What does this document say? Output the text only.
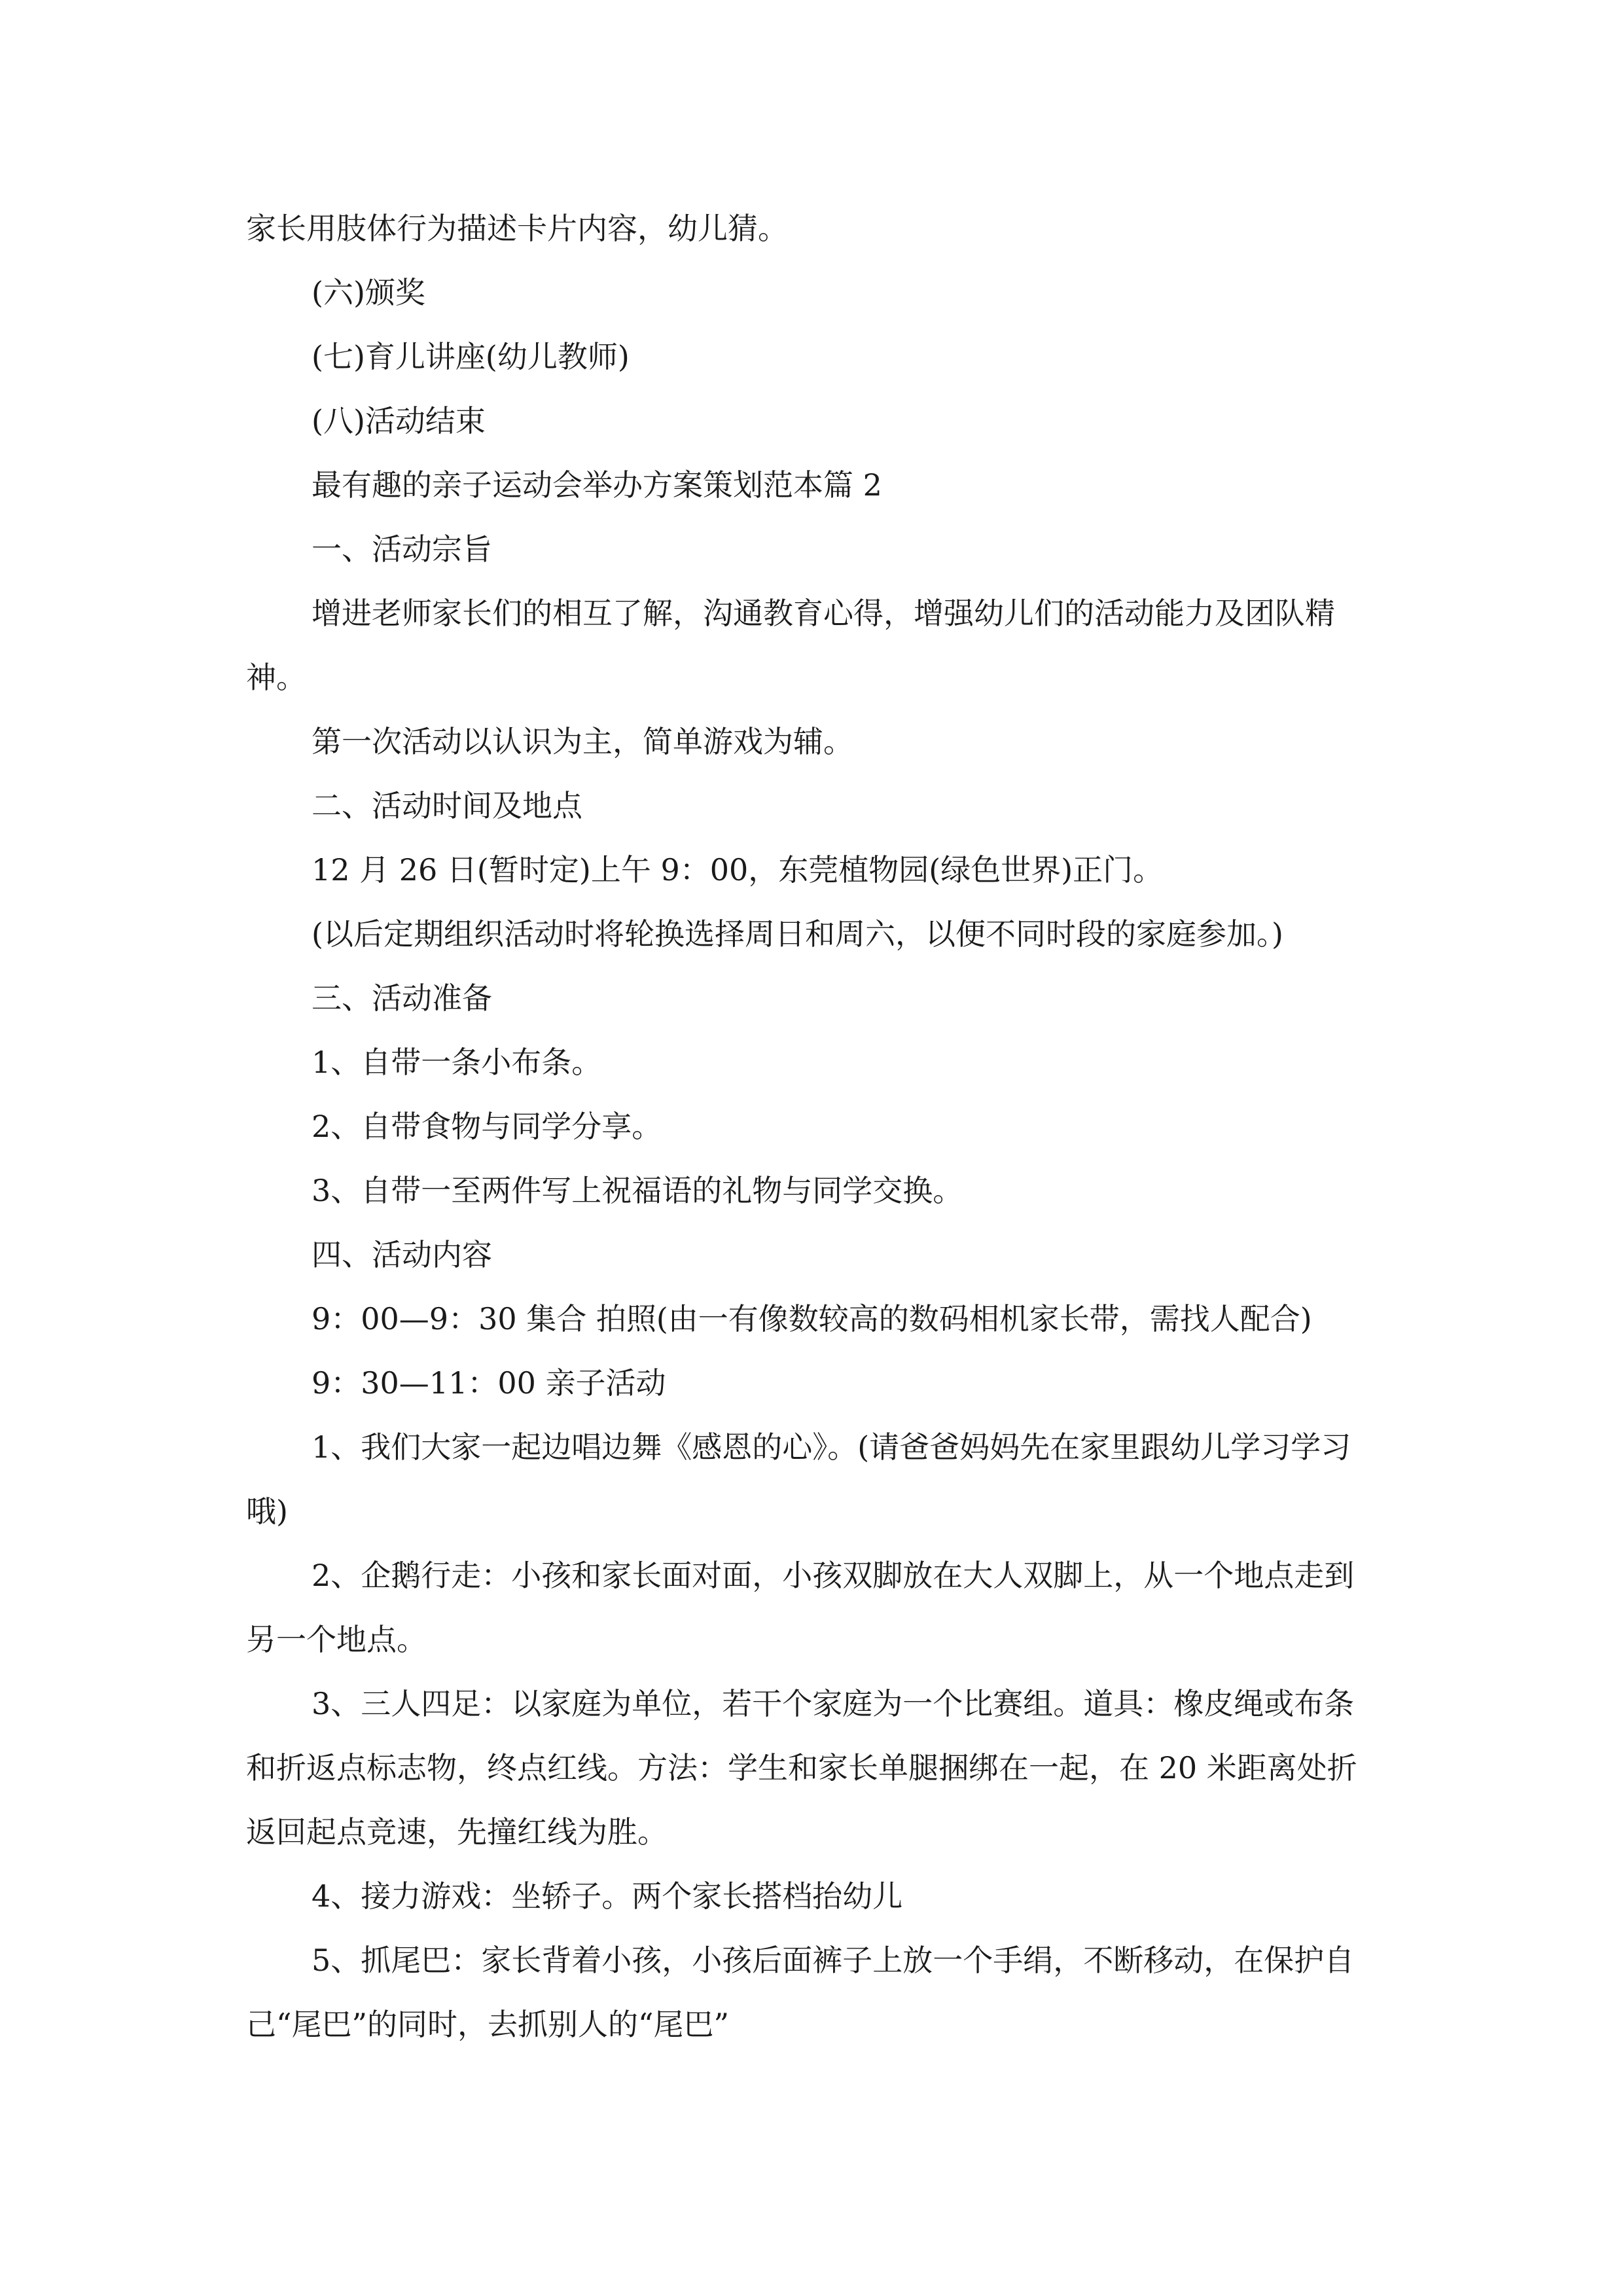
家长用肢体行为描述卡片内容，幼儿猜。

(六)颁奖

(七)育儿讲座(幼儿教师)

(八)活动结束

最有趣的亲子运动会举办方案策划范本篇 2

一、活动宗旨

增进老师家长们的相互了解，沟通教育心得，增强幼儿们的活动能力及团队精神。

第一次活动以认识为主，简单游戏为辅。

二、活动时间及地点

12 月 26 日(暂时定)上午 9：00，东莞植物园(绿色世界)正门。

(以后定期组织活动时将轮换选择周日和周六，以便不同时段的家庭参加。)

三、活动准备

1、自带一条小布条。

2、自带食物与同学分享。

3、自带一至两件写上祝福语的礼物与同学交换。

四、活动内容

9：00—9：30 集合 拍照(由一有像数较高的数码相机家长带，需找人配合)

9：30—11：00 亲子活动

1、我们大家一起边唱边舞《感恩的心》。(请爸爸妈妈先在家里跟幼儿学习学习哦)

2、企鹅行走：小孩和家长面对面，小孩双脚放在大人双脚上，从一个地点走到另一个地点。

3、三人四足：以家庭为单位，若干个家庭为一个比赛组。道具：橡皮绳或布条和折返点标志物，终点红线。方法：学生和家长单腿捆绑在一起，在 20 米距离处折返回起点竞速，先撞红线为胜。

4、接力游戏：坐轿子。两个家长搭档抬幼儿

5、抓尾巴：家长背着小孩，小孩后面裤子上放一个手绢，不断移动，在保护自己“尾巴”的同时，去抓别人的“尾巴”
